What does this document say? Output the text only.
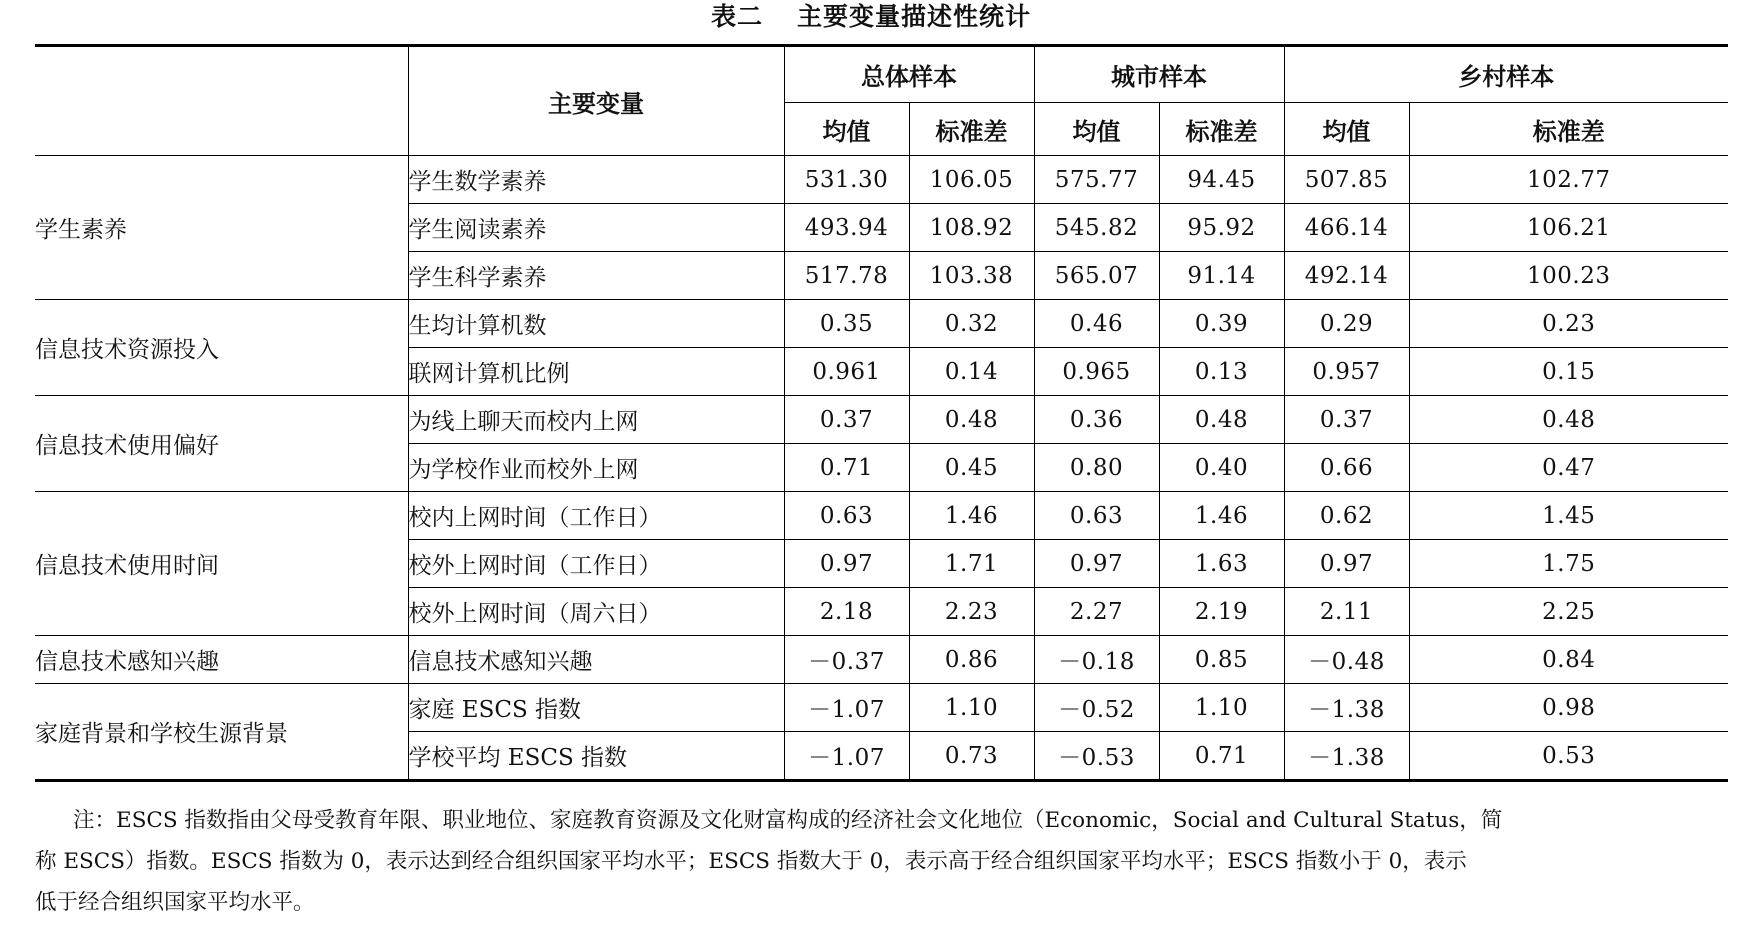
表二 主要变量描述性统计
	主要变量	总体样本		城市样本		乡村样本	
		均值	标准差	均值	标准差	均值	标准差
学生素养	学生数学素养	531.30	106.05	575.77	94.45	507.85	102.77
	学生阅读素养	493.94	108.92	545.82	95.92	466.14	106.21
	学生科学素养	517.78	103.38	565.07	91.14	492.14	100.23
信息技术资源投入	生均计算机数	0.35	0.32	0.46	0.39	0.29	0.23
	联网计算机比例	0.961	0.14	0.965	0.13	0.957	0.15
信息技术使用偏好	为线上聊天而校内上网	0.37	0.48	0.36	0.48	0.37	0.48
	为学校作业而校外上网	0.71	0.45	0.80	0.40	0.66	0.47
信息技术使用时间	校内上网时间（工作日）	0.63	1.46	0.63	1.46	0.62	1.45
	校外上网时间（工作日）	0.97	1.71	0.97	1.63	0.97	1.75
	校外上网时间（周六日）	2.18	2.23	2.27	2.19	2.11	2.25
信息技术感知兴趣	信息技术感知兴趣	－0.37	0.86	－0.18	0.85	－0.48	0.84
家庭背景和学校生源背景	家庭 ESCS 指数	－1.07	1.10	－0.52	1.10	－1.38	0.98
	学校平均 ESCS 指数	－1.07	0.73	－0.53	0.71	－1.38	0.53

注：ESCS 指数指由父母受教育年限、职业地位、家庭教育资源及文化财富构成的经济社会文化地位（Economic，Social and Cultural Status，简

称 ESCS）指数。ESCS 指数为 0，表示达到经合组织国家平均水平；ESCS 指数大于 0，表示高于经合组织国家平均水平；ESCS 指数小于 0，表示

低于经合组织国家平均水平。
